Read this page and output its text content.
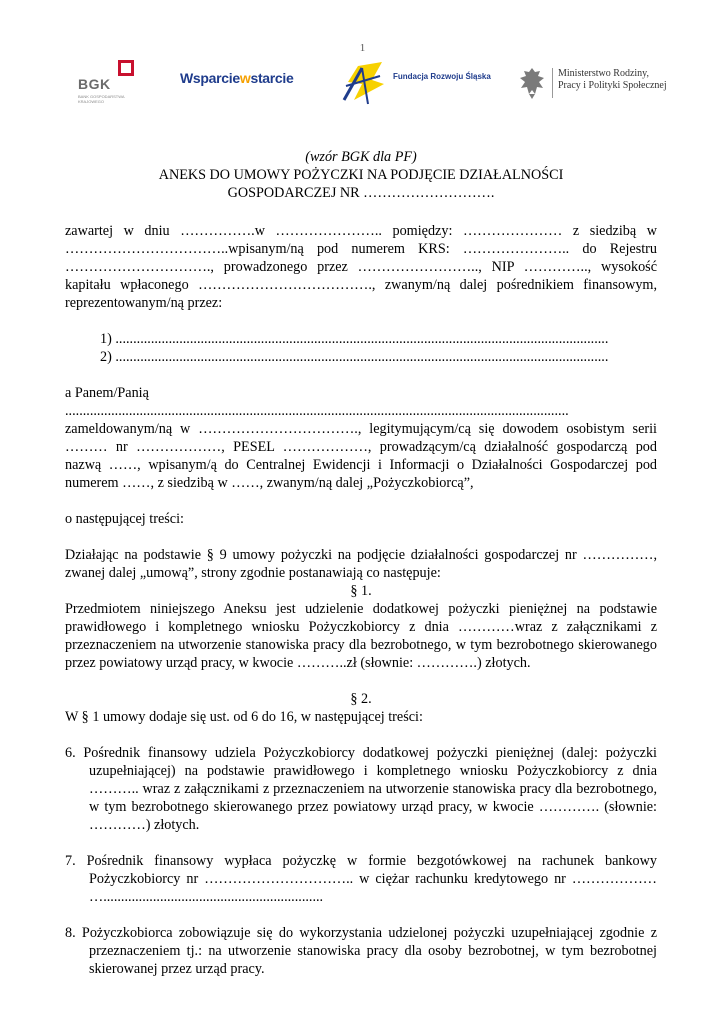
1
BGK
BANK GOSPODARSTWA KRAJOWEGO
Wsparciewstarcie	Fundacja Rozwoju Śląska	Ministerstwo Rodziny,
Pracy i Polityki Społecznej
(wzór BGK dla PF)
ANEKS DO UMOWY POŻYCZKI NA PODJĘCIE DZIAŁALNOŚCI
GOSPODARCZEJ NR ……………………….

zawartej w dniu …………….w ………………….. pomiędzy: ………………… z siedzibą w ……………………………..wpisanym/ną pod numerem KRS: ………………….. do Rejestru …………………………., prowadzonego przez …………………….., NIP ………….., wysokość kapitału wpłaconego ………………………………., zwanym/ną dalej pośrednikiem finansowym, reprezentowanym/ną przez:

1) ...........................................................................................................................................

2) ...........................................................................................................................................

a Panem/Panią

..............................................................................................................................................

zameldowanym/ną w ……………………………., legitymującym/cą się dowodem osobistym serii ……… nr ………………, PESEL ………………, prowadzącym/cą działalność gospodarczą pod nazwą ……, wpisanym/ą do Centralnej Ewidencji i Informacji o Działalności Gospodarczej pod numerem ……, z siedzibą w ……, zwanym/ną dalej „Pożyczkobiorcą”,

o następującej treści:

Działając na podstawie § 9 umowy pożyczki na podjęcie działalności gospodarczej nr ……………, zwanej dalej „umową”, strony zgodnie postanawiają co następuje:

§ 1.

Przedmiotem niniejszego Aneksu jest udzielenie dodatkowej pożyczki pieniężnej na podstawie prawidłowego i kompletnego wniosku Pożyczkobiorcy z dnia …………wraz z załącznikami z przeznaczeniem na utworzenie stanowiska pracy dla bezrobotnego, w tym bezrobotnego skierowanego przez powiatowy urząd pracy, w kwocie ………..zł (słownie: ………….) złotych.

§ 2.

W § 1 umowy dodaje się ust. od 6 do 16, w następującej treści:

6. Pośrednik finansowy udziela Pożyczkobiorcy dodatkowej pożyczki pieniężnej (dalej: pożyczki uzupełniającej) na podstawie prawidłowego i kompletnego wniosku Pożyczkobiorcy z dnia ……….. wraz z załącznikami z przeznaczeniem na utworzenie stanowiska pracy dla bezrobotnego, w tym bezrobotnego skierowanego przez powiatowy urząd pracy, w kwocie …………. (słownie: …………) złotych.

7. Pośrednik finansowy wypłaca pożyczkę w formie bezgotówkowej na rachunek bankowy Pożyczkobiorcy nr ………………………….. w ciężar rachunku kredytowego nr ……………… …..............................................................

8. Pożyczkobiorca zobowiązuje się do wykorzystania udzielonej pożyczki uzupełniającej zgodnie z przeznaczeniem tj.: na utworzenie stanowiska pracy dla osoby bezrobotnej, w tym bezrobotnej skierowanej przez urząd pracy.
